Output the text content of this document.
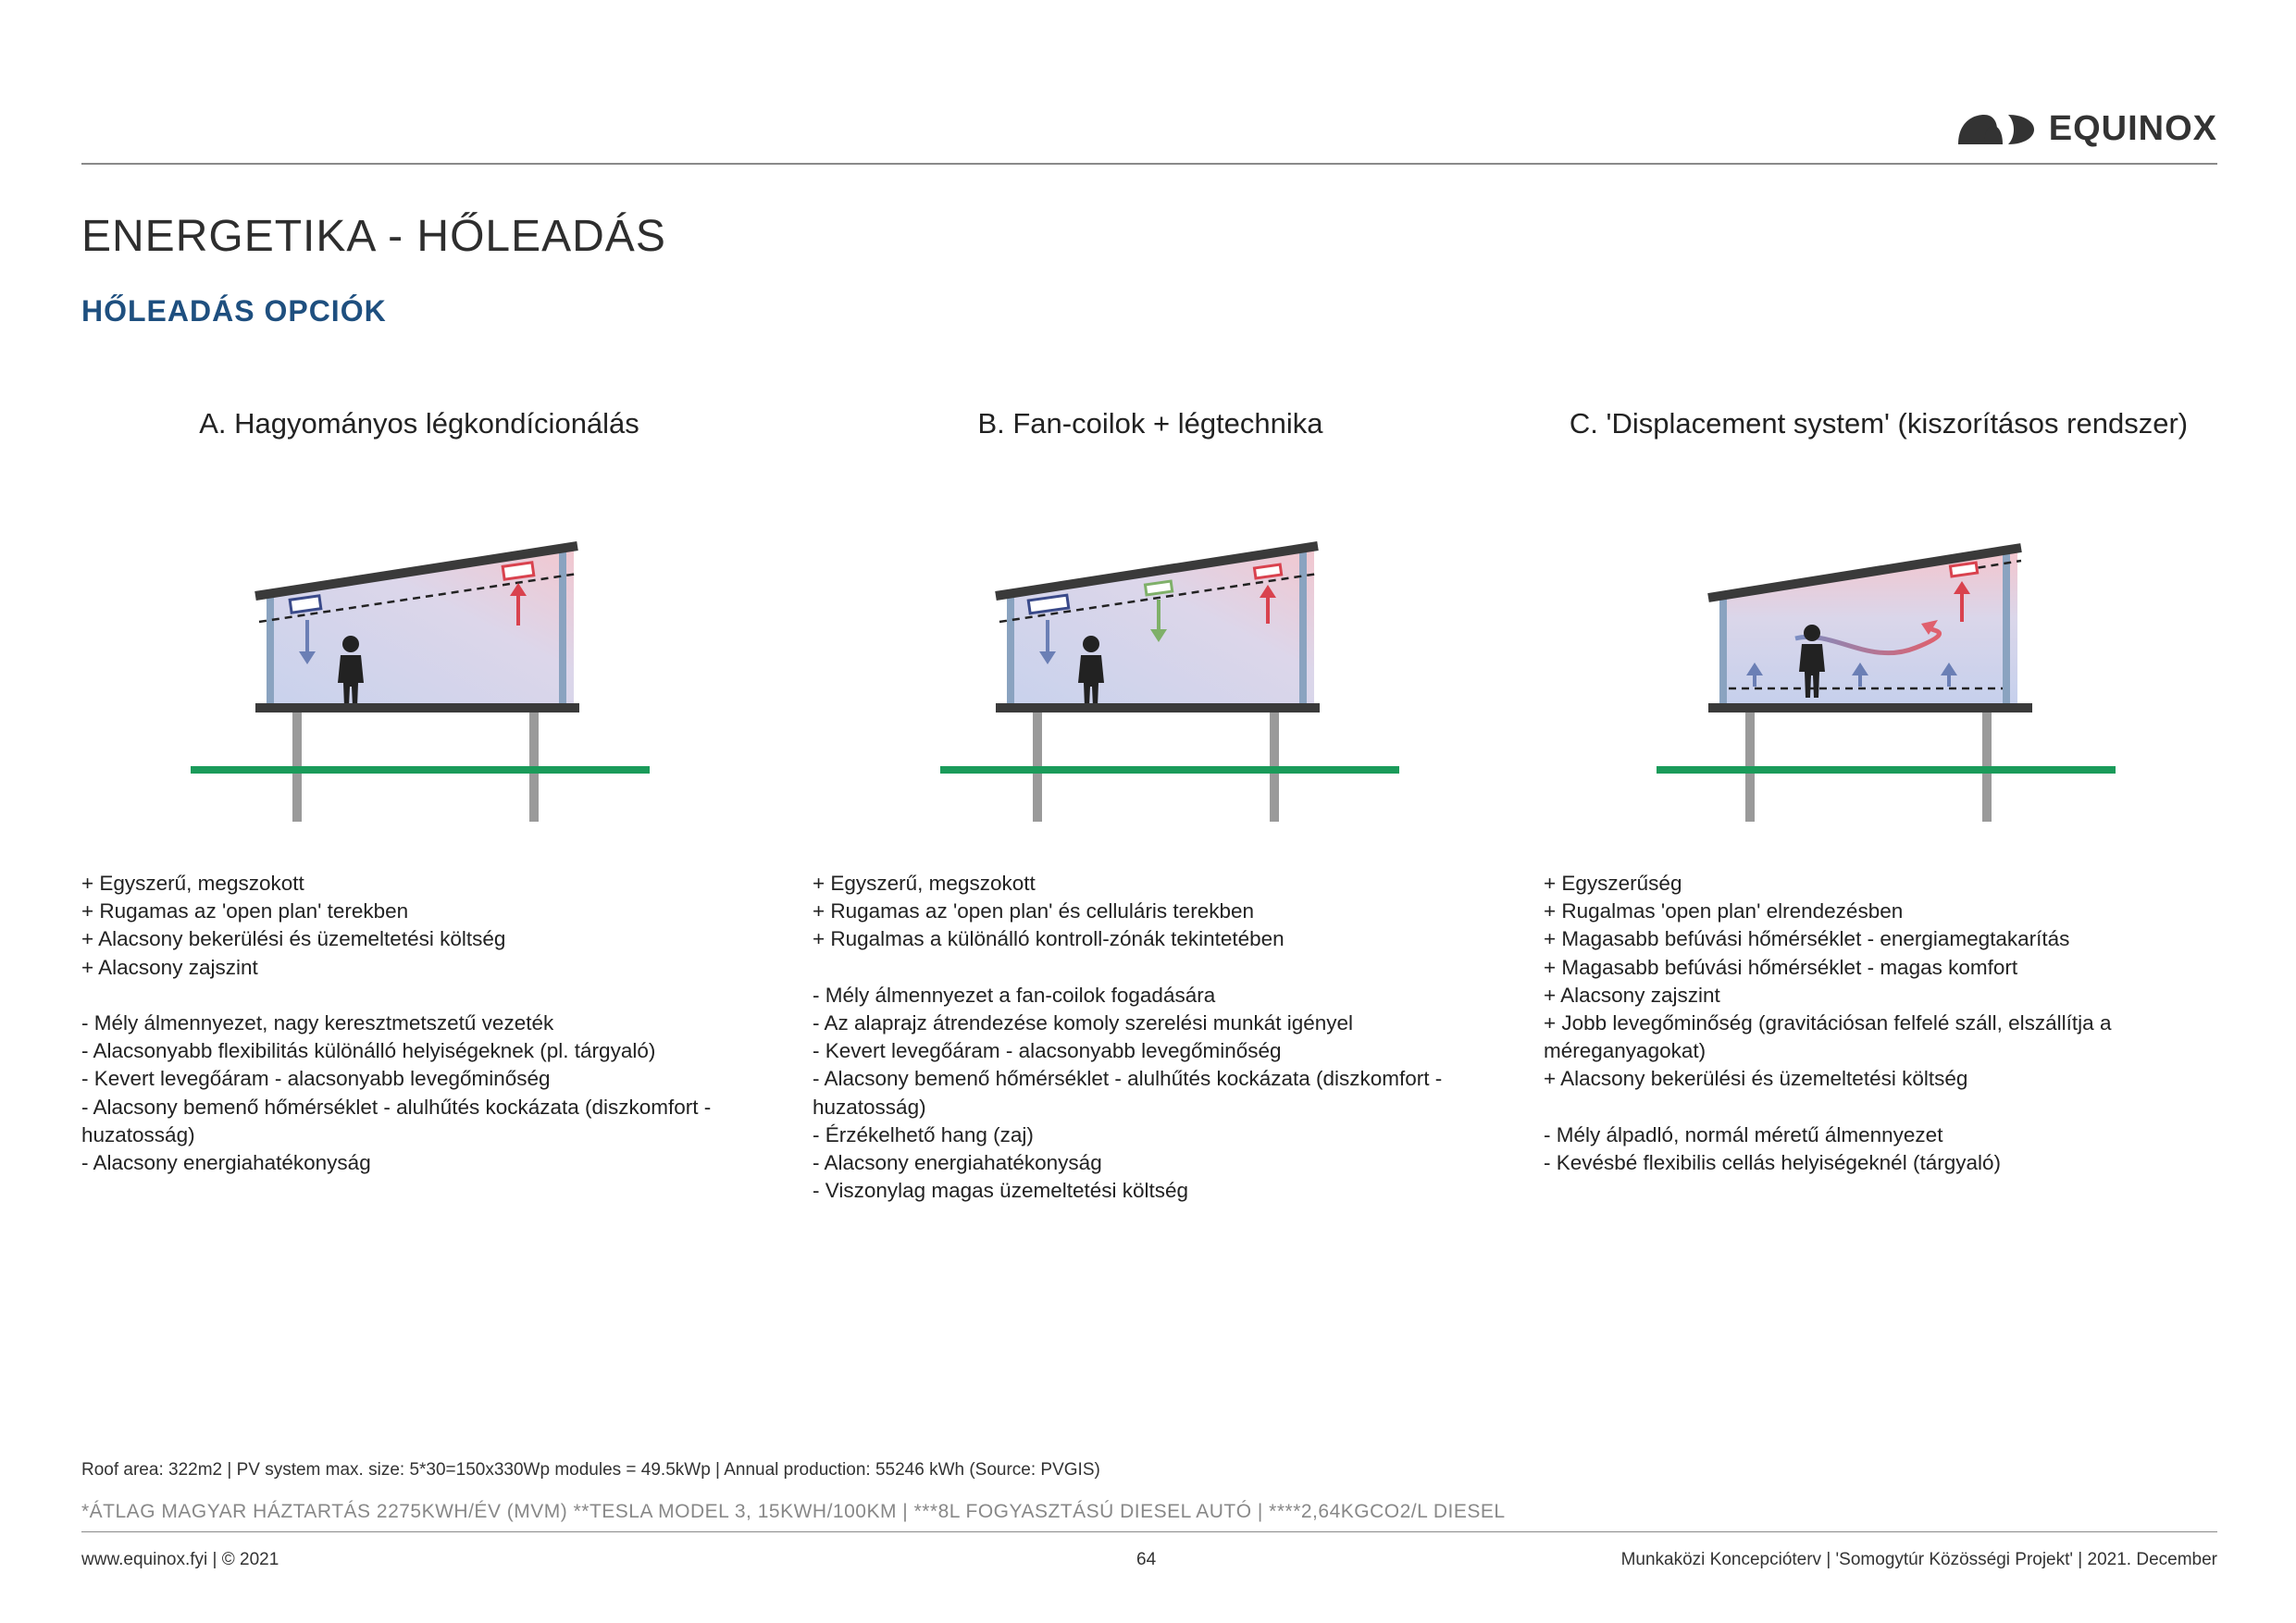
EQUINOX
ENERGETIKA - HŐLEADÁS
HŐLEADÁS OPCIÓK
A. Hagyományos légkondícionálás	B. Fan-coilok + légtechnika	C. 'Displacement system' (kiszorításos rendszer)
+ Egyszerű, megszokott
+ Rugamas az 'open plan' terekben
+ Alacsony bekerülési és üzemeltetési költség
+ Alacsony zajszint
- Mély álmennyezet, nagy keresztmetszetű vezeték
- Alacsonyabb flexibilitás különálló helyiségeknek (pl. tárgyaló)
- Kevert levegőáram - alacsonyabb levegőminőség
- Alacsony bemenő hőmérséklet - alulhűtés kockázata (diszkomfort - huzatosság)
- Alacsony energiahatékonyság
+ Egyszerű, megszokott
+ Rugamas az 'open plan' és celluláris terekben
+ Rugalmas a különálló kontroll-zónák tekintetében
- Mély álmennyezet a fan-coilok fogadására
- Az alaprajz átrendezése komoly szerelési munkát igényel
- Kevert levegőáram - alacsonyabb levegőminőség
- Alacsony bemenő hőmérséklet - alulhűtés kockázata (diszkomfort - huzatosság)
- Érzékelhető hang (zaj)
- Alacsony energiahatékonyság
- Viszonylag magas üzemeltetési költség
+ Egyszerűség
+ Rugalmas 'open plan' elrendezésben
+ Magasabb befúvási hőmérséklet - energiamegtakarítás
+ Magasabb befúvási hőmérséklet - magas komfort
+ Alacsony zajszint
+ Jobb levegőminőség (gravitációsan felfelé száll, elszállítja a méreganyagokat)
+ Alacsony bekerülési és üzemeltetési költség
- Mély álpadló, normál méretű álmennyezet
- Kevésbé flexibilis cellás helyiségeknél (tárgyaló)
Roof area: 322m2 | PV system max. size: 5*30=150x330Wp modules = 49.5kWp | Annual production: 55246 kWh (Source: PVGIS)
*ÁTLAG MAGYAR HÁZTARTÁS 2275KWH/ÉV (MVM) **TESLA MODEL 3, 15KWH/100KM | ***8L FOGYASZTÁSÚ DIESEL AUTÓ | ****2,64KGCO2/L DIESEL
www.equinox.fyi | © 2021	64	Munkaközi Koncepcióterv | 'Somogytúr Közösségi Projekt' | 2021. December
